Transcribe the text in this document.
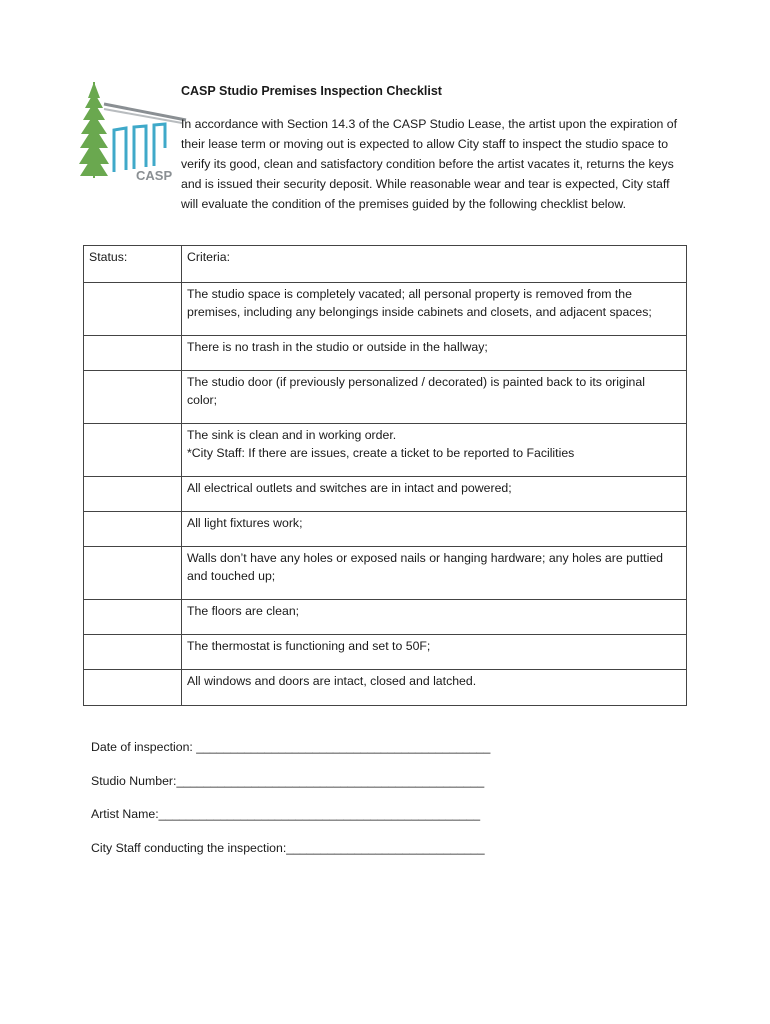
CASP
CASP Studio Premises Inspection Checklist

In accordance with Section 14.3 of the CASP Studio Lease, the artist upon the expiration of their lease term or moving out is expected to allow City staff to inspect the studio space to verify its good, clean and satisfactory condition before the artist vacates it, returns the keys and is issued their security deposit. While reasonable wear and tear is expected, City staff will evaluate the condition of the premises guided by the following checklist below.

Status:	Criteria:

	The studio space is completely vacated; all personal property is removed from the
premises, including any belongings inside cabinets and closets, and adjacent spaces;

	There is no trash in the studio or outside in the hallway;

	The studio door (if previously personalized / decorated) is painted back to its original
color;

	The sink is clean and in working order.
*City Staff: If there are issues, create a ticket to be reported to Facilities

	All electrical outlets and switches are in intact and powered;

	All light fixtures work;

	Walls don’t have any holes or exposed nails or hanging hardware; any holes are puttied
and touched up;

	The floors are clean;

	The thermostat is functioning and set to 50F;

	All windows and doors are intact, closed and latched.
Date of inspection: ___________________________________________
Studio Number:_____________________________________________
Artist Name:_______________________________________________
City Staff conducting the inspection:_____________________________
